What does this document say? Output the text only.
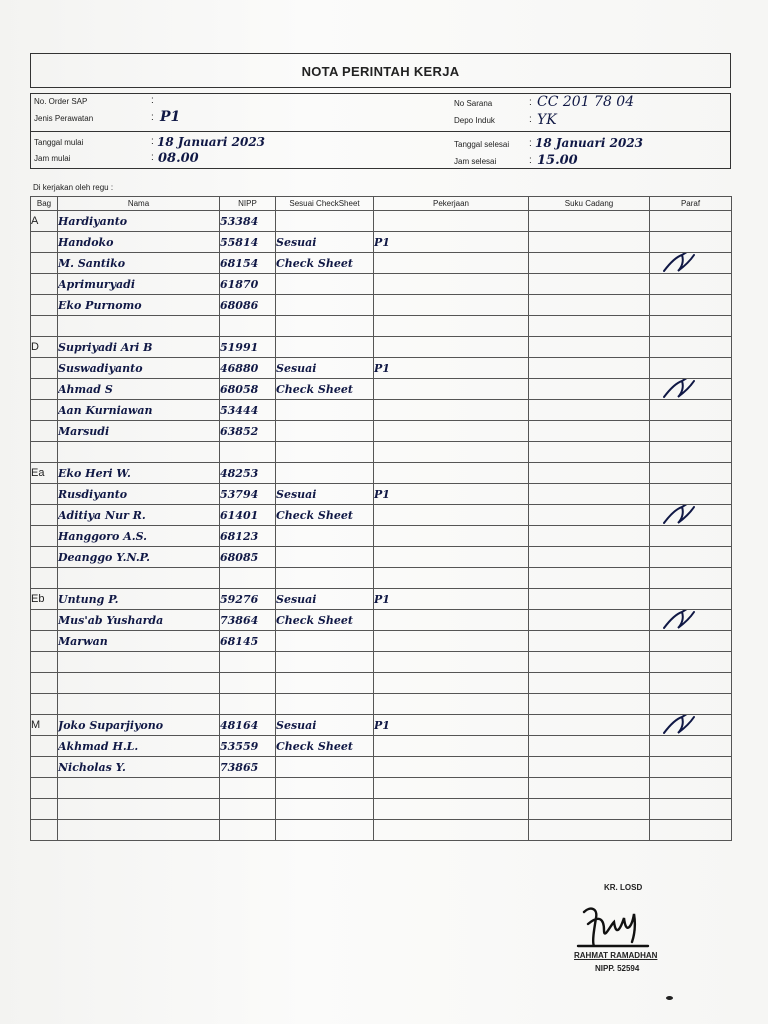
NOTA PERINTAH KERJA
No. Order SAP	:
Jenis Perawatan	: P1
Tanggal mulai	: 18 Januari 2023
Jam mulai	: 08.00
No Sarana	: CC 201 78 04
Depo Induk	: YK
Tanggal selesai : 18 Januari 2023
Jam selesai	: 15.00
Di kerjakan oleh regu :
Bag	Nama	NIPP	Sesuai CheckSheet	Pekerjaan	Suku Cadang	Paraf
A	Hardiyanto	53384				
	Handoko	55814	Sesuai	P1		
	M. Santiko	68154	Check Sheet			

	Aprimuryadi	61870				
	Eko Purnomo	68086				

D	Supriyadi Ari B	51991				
	Suswadiyanto	46880	Sesuai	P1		
	Ahmad S	68058	Check Sheet			

	Aan Kurniawan	53444				
	Marsudi	63852				

Ea	Eko Heri W.	48253				
	Rusdiyanto	53794	Sesuai	P1		
	Aditiya Nur R.	61401	Check Sheet			

	Hanggoro A.S.	68123				
	Deanggo Y.N.P.	68085				

Eb	Untung P.	59276	Sesuai	P1		
	Mus'ab Yusharda	73864	Check Sheet			

	Marwan	68145				

M	Joko Suparjiyono	48164	Sesuai	P1		

	Akhmad H.L.	53559	Check Sheet			
	Nicholas Y.	73865				

KR. LOSD
RAHMAT RAMADHAN
NIPP. 52594
